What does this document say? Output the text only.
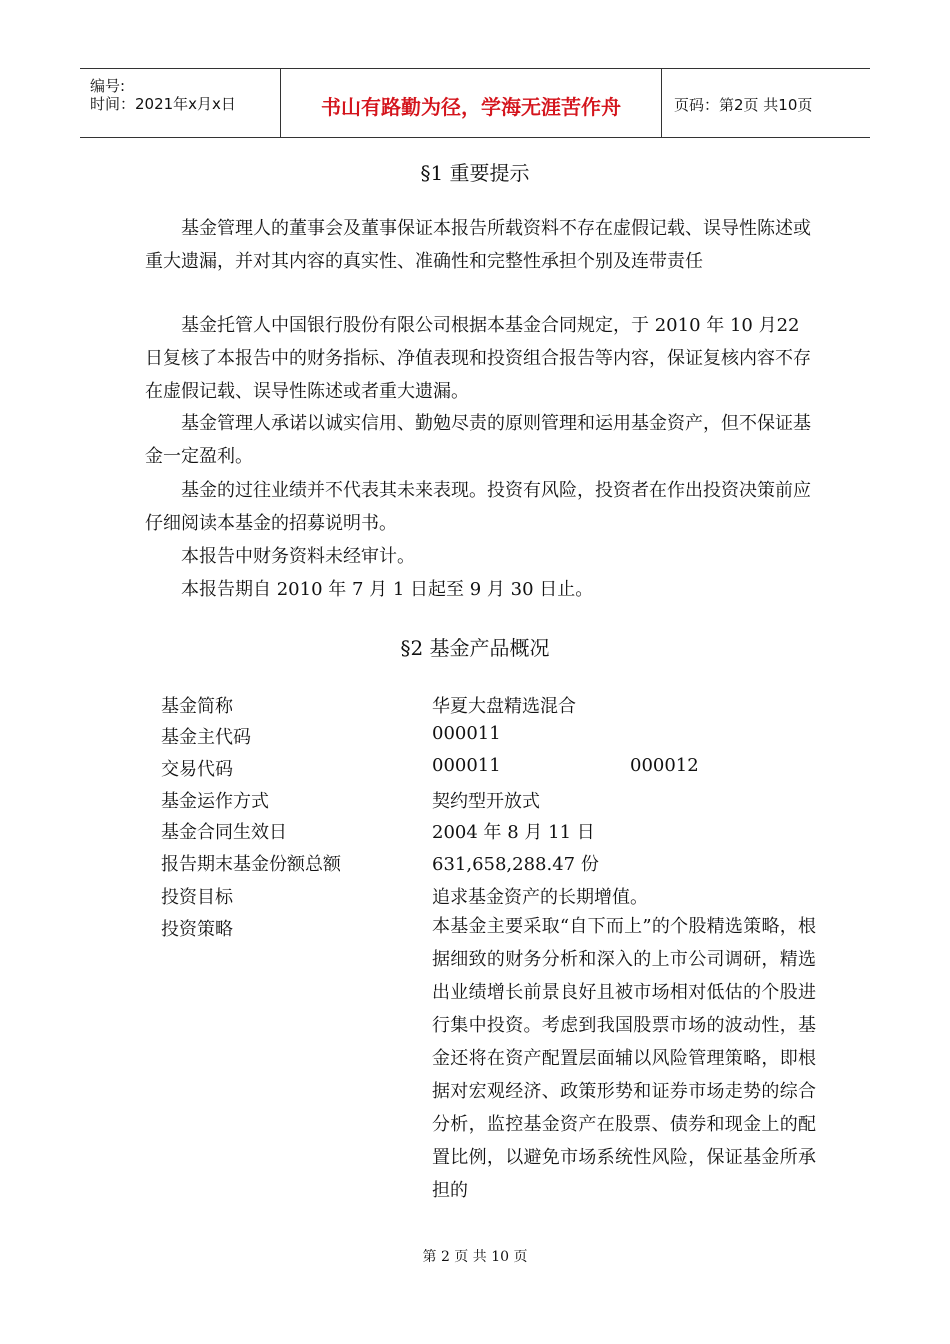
编号:
时间：2021年x月x日	书山有路勤为径，学海无涯苦作舟	页码：第2页 共10页
§1 重要提示

基金管理人的董事会及董事保证本报告所载资料不存在虚假记载、误导性陈述或重大遗漏，并对其内容的真实性、准确性和完整性承担个别及连带责任

基金托管人中国银行股份有限公司根据本基金合同规定，于 2010 年 10 月22 日复核了本报告中的财务指标、净值表现和投资组合报告等内容，保证复核内容不存在虚假记载、误导性陈述或者重大遗漏。

基金管理人承诺以诚实信用、勤勉尽责的原则管理和运用基金资产，但不保证基金一定盈利。

基金的过往业绩并不代表其未来表现。投资有风险，投资者在作出投资决策前应仔细阅读本基金的招募说明书。

本报告中财务资料未经审计。

本报告期自 2010 年 7 月 1 日起至 9 月 30 日止。

§2 基金产品概况
基金简称	华夏大盘精选混合
基金主代码	000011
交易代码	000011	000012
基金运作方式	契约型开放式
基金合同生效日	2004 年 8 月 11 日
报告期末基金份额总额	631,658,288.47 份
投资目标	追求基金资产的长期增值。
投资策略	本基金主要采取“自下而上”的个股精选策略，根据细致的财务分析和深入的上市公司调研，精选出业绩增长前景良好且被市场相对低估的个股进行集中投资。考虑到我国股票市场的波动性，基金还将在资产配置层面辅以风险管理策略，即根据对宏观经济、政策形势和证券市场走势的综合分析，监控基金资产在股票、债券和现金上的配置比例，以避免市场系统性风险，保证基金所承担的

第 2 页 共 10 页
